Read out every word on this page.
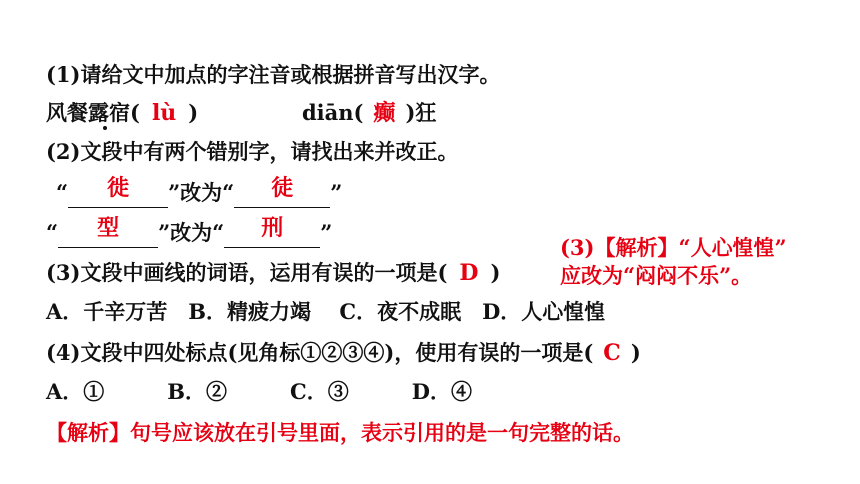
(1)请给文中加点的字注音或根据拼音写出汉字。
风餐露宿( lù )	diān( 癫 )狂
(2)文段中有两个错别字，请找出来并改正。
“	徙	”改为“	徒	”
“	型	”改为“	刑	”
(3)文段中画线的词语，运用有误的一项是( D )
(3)【解析】“人心惶惶”
应改为“闷闷不乐”。
A．千辛万苦　B．精疲力竭　 C．夜不成眠　D．人心惶惶
(4)文段中四处标点(见角标①②③④)，使用有误的一项是( C )
A．①　　　B．②　　　C．③　　　D．④
【解析】句号应该放在引号里面，表示引用的是一句完整的话。
